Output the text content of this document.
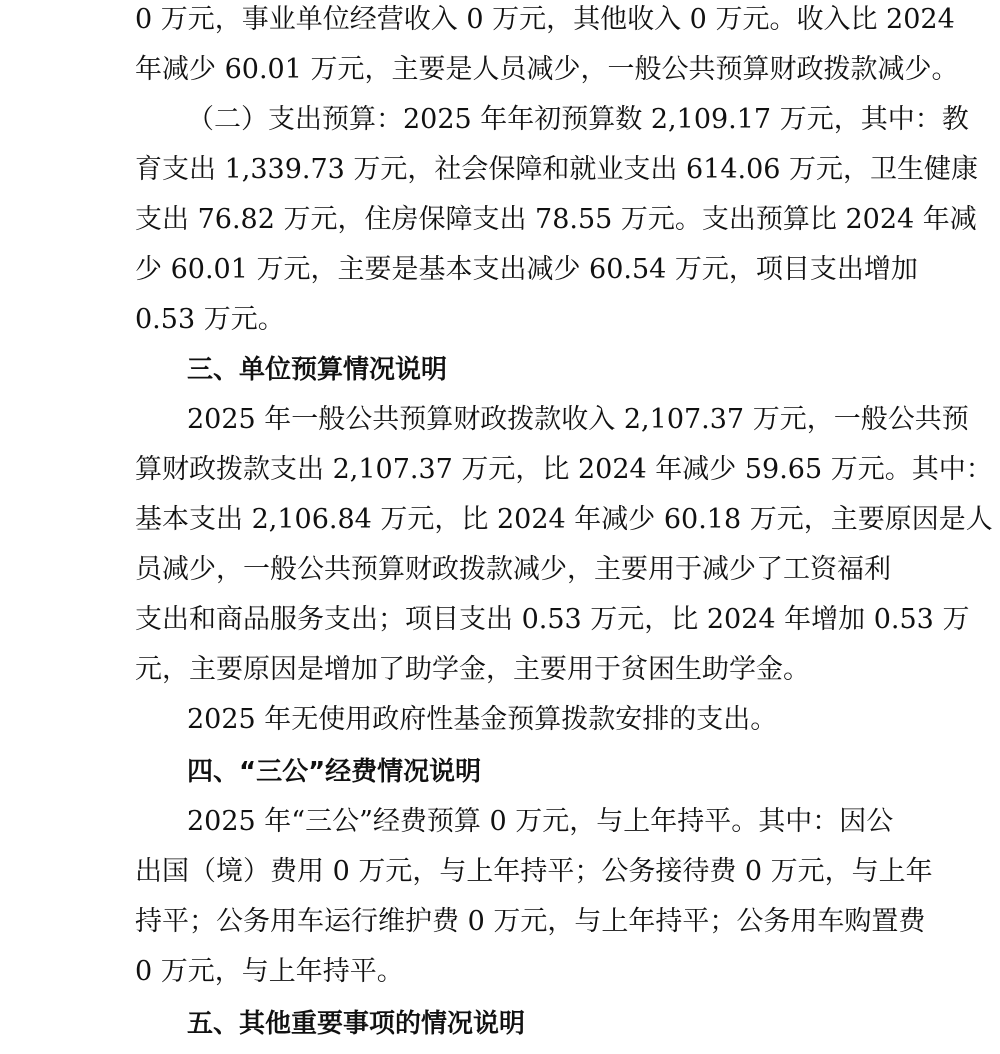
0 万元，事业单位经营收入 0 万元，其他收入 0 万元。收入比 2024
年减少 60.01 万元，主要是人员减少，一般公共预算财政拨款减少。
（二）支出预算：2025 年年初预算数 2,109.17 万元，其中：教
育支出 1,339.73 万元，社会保障和就业支出 614.06 万元，卫生健康
支出 76.82 万元，住房保障支出 78.55 万元。支出预算比 2024 年减
少 60.01 万元，主要是基本支出减少 60.54 万元，项目支出增加
0.53 万元。
三、单位预算情况说明
2025 年一般公共预算财政拨款收入 2,107.37 万元，一般公共预
算财政拨款支出 2,107.37 万元，比 2024 年减少 59.65 万元。其中：
基本支出 2,106.84 万元，比 2024 年减少 60.18 万元，主要原因是人
员减少，一般公共预算财政拨款减少，主要用于减少了工资福利
支出和商品服务支出；项目支出 0.53 万元，比 2024 年增加 0.53 万
元，主要原因是增加了助学金，主要用于贫困生助学金。
2025 年无使用政府性基金预算拨款安排的支出。
四、“三公”经费情况说明
2025 年“三公”经费预算 0 万元，与上年持平。其中：因公
出国（境）费用 0 万元，与上年持平；公务接待费 0 万元，与上年
持平；公务用车运行维护费 0 万元，与上年持平；公务用车购置费
0 万元，与上年持平。
五、其他重要事项的情况说明
